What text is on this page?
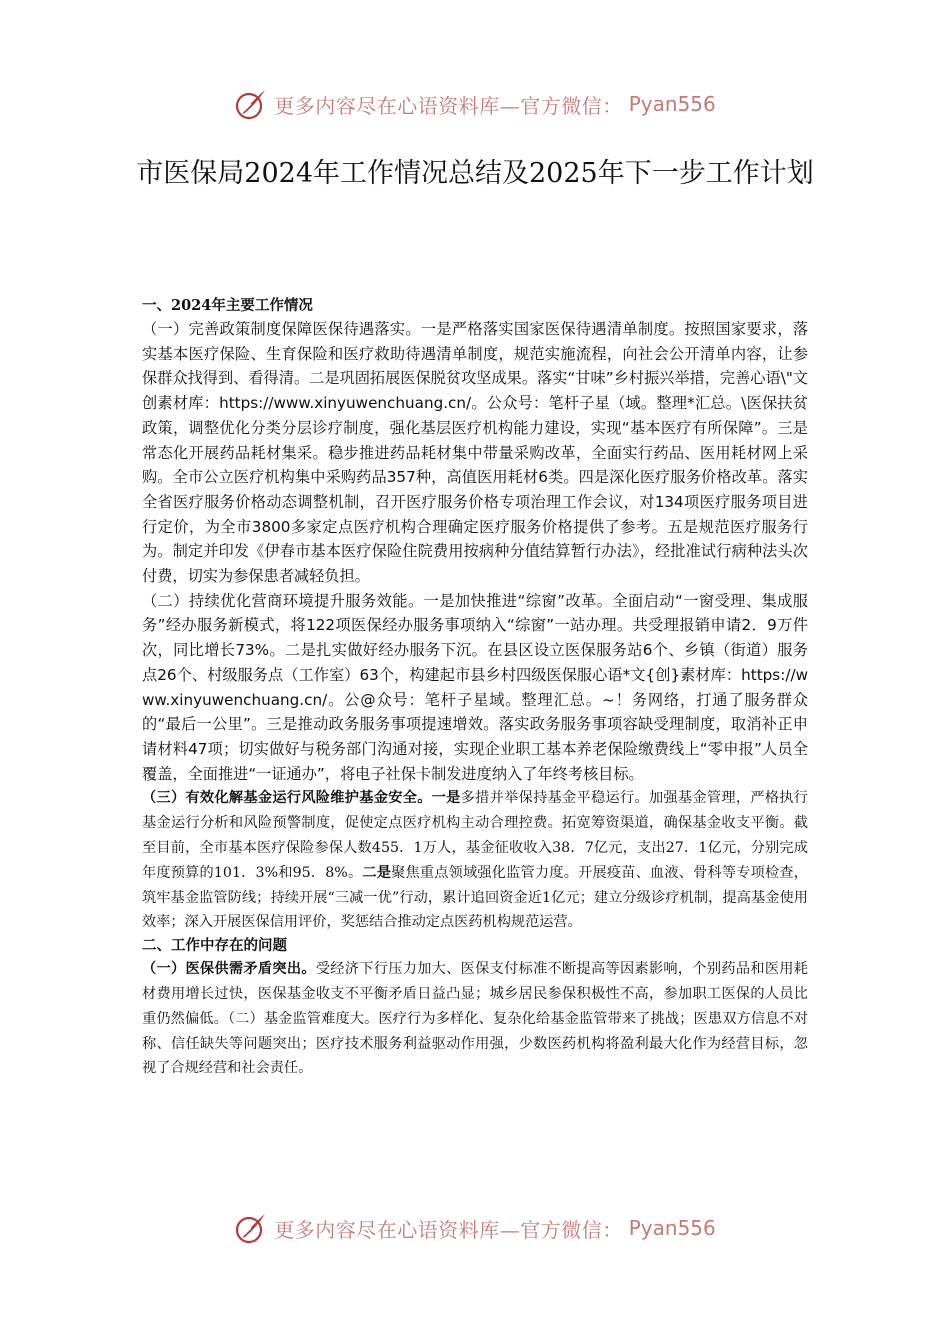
更多内容尽在心语资料库—官方微信： Pyan556
市医保局2024年工作情况总结及2025年下一步工作计划

一、2024年主要工作情况

（一）完善政策制度保障医保待遇落实。一是严格落实国家医保待遇清单制度。按照国家要求，落实基本医疗保险、生育保险和医疗救助待遇清单制度，规范实施流程，向社会公开清单内容，让参保群众找得到、看得清。二是巩固拓展医保脱贫攻坚成果。落实“甘味”乡村振兴举措，完善心语\"文创素材库：https://www.xinyuwenchuang.cn/。公众号：笔杆子星（域。整理*汇总。\医保扶贫政策，调整优化分类分层诊疗制度，强化基层医疗机构能力建设，实现“基本医疗有所保障”。三是常态化开展药品耗材集采。稳步推进药品耗材集中带量采购改革，全面实行药品、医用耗材网上采购。全市公立医疗机构集中采购药品357种，高值医用耗材6类。四是深化医疗服务价格改革。落实全省医疗服务价格动态调整机制，召开医疗服务价格专项治理工作会议，对134项医疗服务项目进行定价，为全市3800多家定点医疗机构合理确定医疗服务价格提供了参考。五是规范医疗服务行为。制定并印发《伊春市基本医疗保险住院费用按病种分值结算暂行办法》，经批准试行病种法头次付费，切实为参保患者减轻负担。

（二）持续优化营商环境提升服务效能。一是加快推进“综窗”改革。全面启动“一窗受理、集成服务”经办服务新模式，将122项医保经办服务事项纳入“综窗”一站办理。共受理报销申请2．9万件次，同比增长73%。二是扎实做好经办服务下沉。在县区设立医保服务站6个、乡镇（街道）服务点26个、村级服务点（工作室）63个，构建起市县乡村四级医保服心语*文{创}素材库：https://www.xinyuwenchuang.cn/。公@众号：笔杆子星域。整理汇总。~！务网络，打通了服务群众的“最后一公里”。三是推动政务服务事项提速增效。落实政务服务事项容缺受理制度，取消补正申请材料47项；切实做好与税务部门沟通对接，实现企业职工基本养老保险缴费线上“零申报”人员全覆盖，全面推进“一证通办”，将电子社保卡制发进度纳入了年终考核目标。

（三）有效化解基金运行风险维护基金安全。一是多措并举保持基金平稳运行。加强基金管理，严格执行基金运行分析和风险预警制度，促使定点医疗机构主动合理控费。拓宽筹资渠道，确保基金收支平衡。截至目前，全市基本医疗保险参保人数455．1万人，基金征收收入38．7亿元，支出27．1亿元，分别完成年度预算的101．3%和95．8%。二是聚焦重点领域强化监管力度。开展疫苗、血液、骨科等专项检查，筑牢基金监管防线；持续开展“三减一优”行动，累计追回资金近1亿元；建立分级诊疗机制，提高基金使用效率；深入开展医保信用评价，奖惩结合推动定点医药机构规范运营。

二、工作中存在的问题

（一）医保供需矛盾突出。受经济下行压力加大、医保支付标准不断提高等因素影响，个别药品和医用耗材费用增长过快，医保基金收支不平衡矛盾日益凸显；城乡居民参保积极性不高，参加职工医保的人员比重仍然偏低。（二）基金监管难度大。医疗行为多样化、复杂化给基金监管带来了挑战；医患双方信息不对称、信任缺失等问题突出；医疗技术服务利益驱动作用强，少数医药机构将盈利最大化作为经营目标，忽视了合规经营和社会责任。

更多内容尽在心语资料库—官方微信： Pyan556
